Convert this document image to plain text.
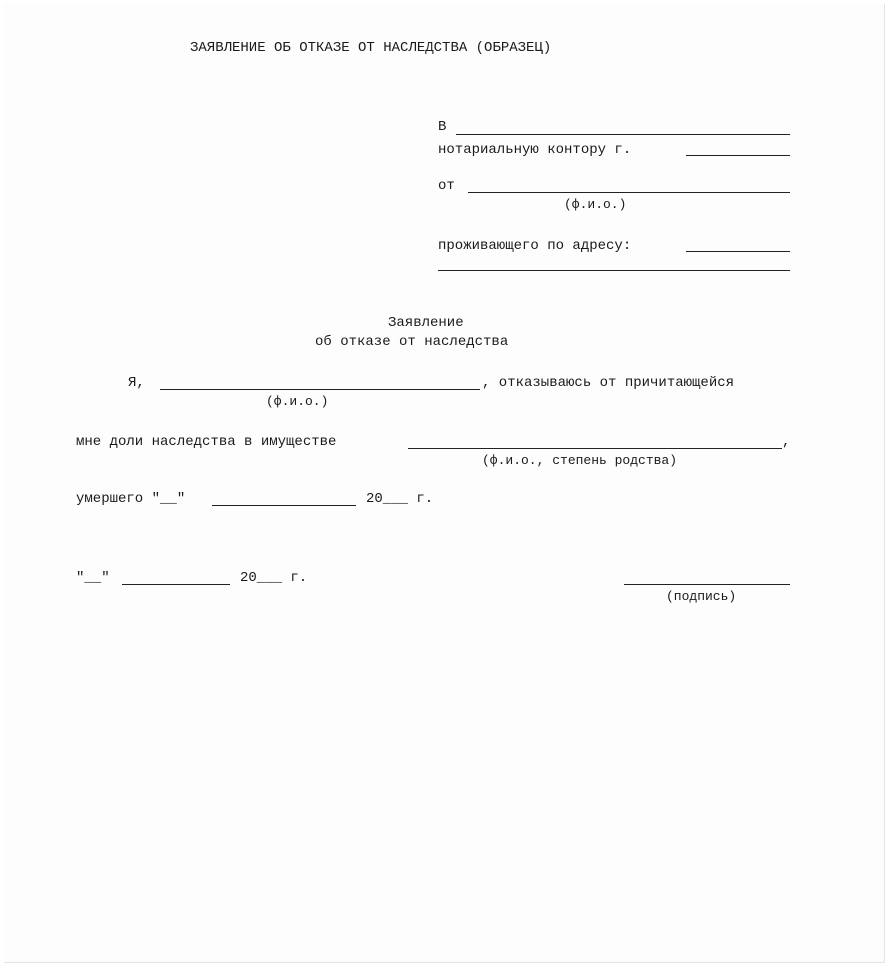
ЗАЯВЛЕНИЕ ОБ ОТКАЗЕ ОТ НАСЛЕДСТВА (ОБРАЗЕЦ)
В
нотариальную контору г.
от
(ф.и.о.)
проживающего по адресу:
Заявление
об отказе от наследства
Я,	, отказываюсь от причитающейся
(ф.и.о.)
мне доли наследства в имуществе	,
(ф.и.о., степень родства)
умершего "__"	20___ г.
"__"	20___ г.
(подпись)
